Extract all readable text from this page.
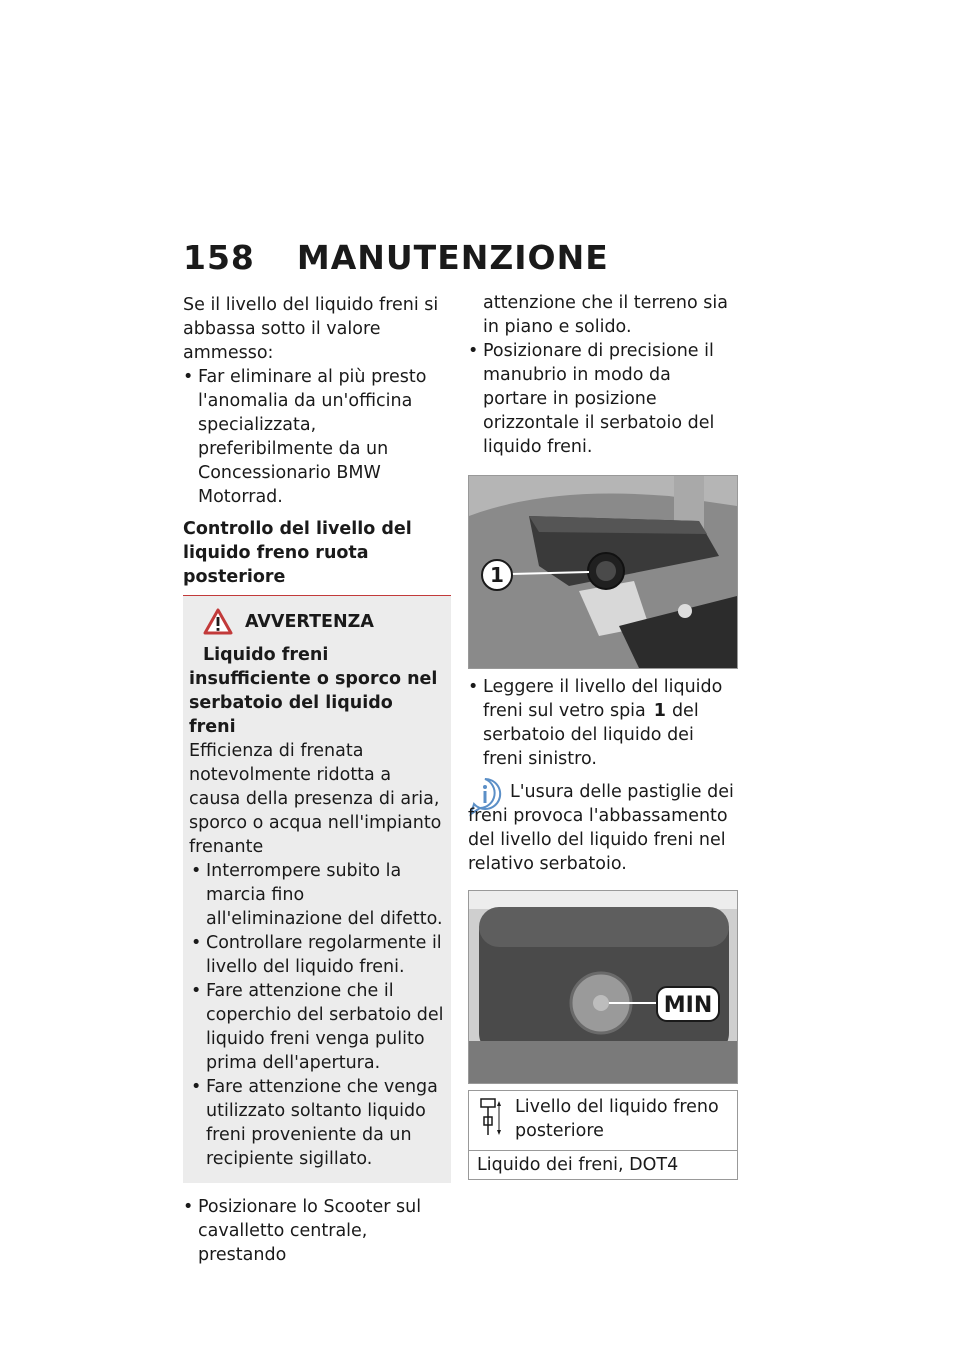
158 MANUTENZIONE

Se il livello del liquido freni si abbassa sotto il valore ammesso:

• Far eliminare al più presto l'anomalia da un'officina specializzata, preferibilmente da un Concessionario BMW Motorrad.

Controllo del livello del liquido freno ruota posteriore

AVVERTENZA

Liquido freni insufficiente o sporco nel serbatoio del liquido freni

Efficienza di frenata notevolmente ridotta a causa della presenza di aria, sporco o acqua nell'impianto frenante

• Interrompere subito la marcia fino all'eliminazione del difetto.

• Controllare regolarmente il livello del liquido freni.

• Fare attenzione che il coperchio del serbatoio del liquido freni venga pulito prima dell'apertura.

• Fare attenzione che venga utilizzato soltanto liquido freni proveniente da un recipiente sigillato.

• Posizionare lo Scooter sul cavalletto centrale, prestando

attenzione che il terreno sia in piano e solido.

• Posizionare di precisione il manubrio in modo da portare in posizione orizzontale il serbatoio del liquido freni.

1

• Leggere il livello del liquido freni sul vetro spia 1 del serbatoio del liquido dei freni sinistro.

L'usura delle pastiglie dei freni provoca l'abbassamento del livello del liquido freni nel relativo serbatoio.

MIN
Livello del liquido freno posteriore
Liquido dei freni, DOT4
